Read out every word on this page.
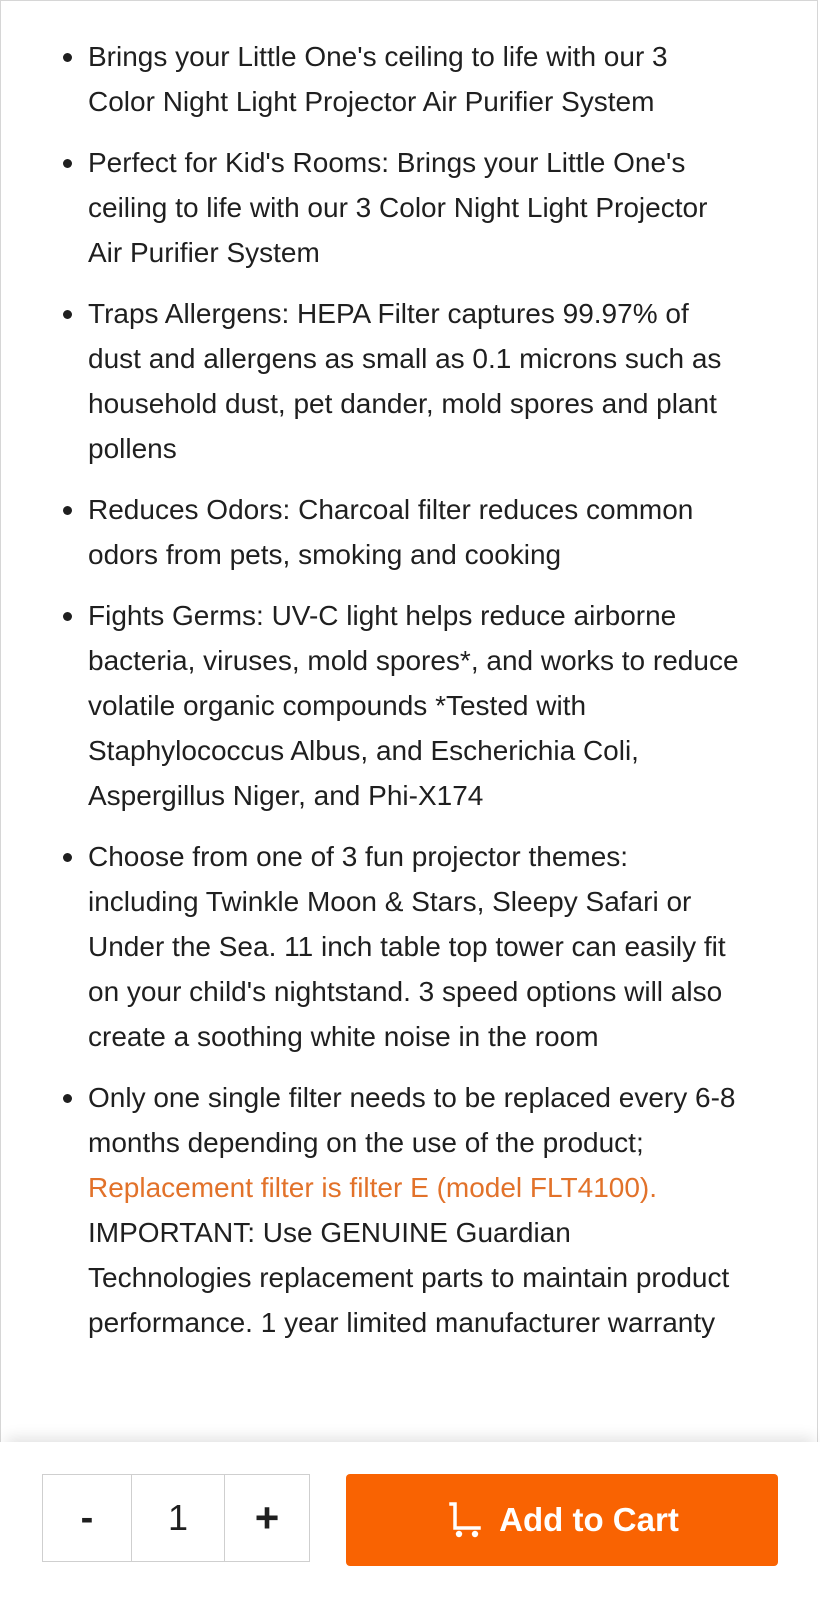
Brings your Little One's ceiling to life with our 3 Color Night Light Projector Air Purifier System
Perfect for Kid's Rooms: Brings your Little One's ceiling to life with our 3 Color Night Light Projector Air Purifier System
Traps Allergens: HEPA Filter captures 99.97% of dust and allergens as small as 0.1 microns such as household dust, pet dander, mold spores and plant pollens
Reduces Odors: Charcoal filter reduces common odors from pets, smoking and cooking
Fights Germs: UV-C light helps reduce airborne bacteria, viruses, mold spores*, and works to reduce volatile organic compounds *Tested with Staphylococcus Albus, and Escherichia Coli, Aspergillus Niger, and Phi-X174
Choose from one of 3 fun projector themes: including Twinkle Moon & Stars, Sleepy Safari or Under the Sea. 11 inch table top tower can easily fit on your child's nightstand. 3 speed options will also create a soothing white noise in the room
Only one single filter needs to be replaced every 6-8 months depending on the use of the product; Replacement filter is filter E (model FLT4100). IMPORTANT: Use GENUINE Guardian Technologies replacement parts to maintain product performance. 1 year limited manufacturer warranty
-	1	+	Add to Cart
